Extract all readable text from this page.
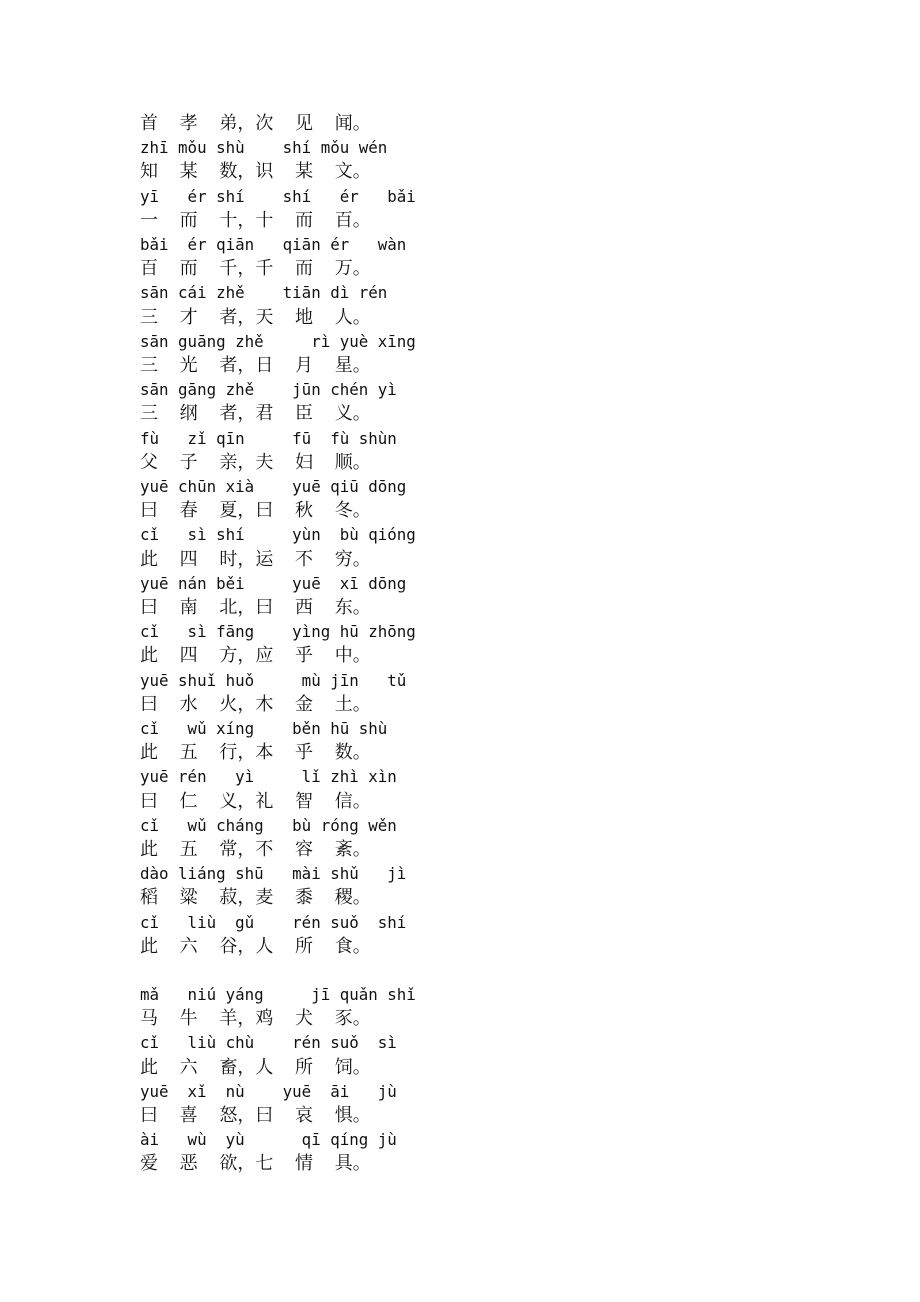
首  孝  弟，次  见  闻。
zhī mǒu shù    shí mǒu wén
知  某  数，识  某  文。
yī   ér shí    shí   ér   bǎi
一  而  十，十  而  百。
bǎi  ér qiān   qiān ér   wàn
百  而  千，千  而  万。
sān cái zhě    tiān dì rén
三  才  者，天  地  人。
sān guāng zhě     rì yuè xīng
三  光  者，日  月  星。
sān gāng zhě    jūn chén yì
三  纲  者，君  臣  义。
fù   zǐ qīn     fū  fù shùn
父  子  亲，夫  妇  顺。
yuē chūn xià    yuē qiū dōng
曰  春  夏，曰  秋  冬。
cǐ   sì shí     yùn  bù qióng
此  四  时，运  不  穷。
yuē nán běi     yuē  xī dōng
曰  南  北，曰  西  东。
cǐ   sì fāng    yìng hū zhōng
此  四  方，应  乎  中。
yuē shuǐ huǒ     mù jīn   tǔ
曰  水  火，木  金  土。
cǐ   wǔ xíng    běn hū shù
此  五  行，本  乎  数。
yuē rén   yì     lǐ zhì xìn
曰  仁  义，礼  智  信。
cǐ   wǔ cháng   bù róng wěn
此  五  常，不  容  紊。
dào liáng shū   mài shǔ   jì
稻  粱  菽，麦  黍  稷。
cǐ   liù  gǔ    rén suǒ  shí
此  六  谷，人  所  食。
mǎ   niú yáng     jī quǎn shǐ
马  牛  羊，鸡  犬  豕。
cǐ   liù chù    rén suǒ  sì
此  六  畜，人  所  饲。
yuē  xǐ  nù    yuē  āi   jù
曰  喜  怒，曰  哀  惧。
ài   wù  yù      qī qíng jù
爱  恶  欲，七  情  具。
